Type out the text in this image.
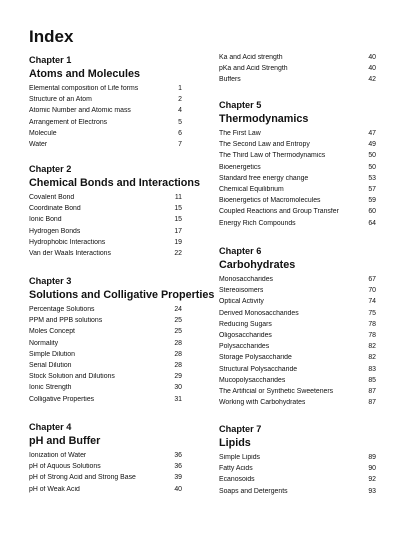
Index
Chapter 1
Atoms and Molecules
Elemental composition of Life forms	1
Structure of an Atom	2
Atomic Number and Atomic mass	4
Arrangement of Electrons	5
Molecule	6
Water	7
Chapter 2
Chemical Bonds and Interactions
Covalent Bond	11
Coordinate Bond	15
Ionic Bond	15
Hydrogen Bonds	17
Hydrophobic Interactions	19
Van der Waals Interactions	22
Chapter 3
Solutions and Colligative Properties
Percentage Solutions	24
PPM and PPB solutions	25
Moles Concept	25
Normality	28
Simple Dilution	28
Serial Dilution	28
Stock Solution and Dilutions	29
Ionic Strength	30
Colligative Properties	31
Chapter 4
pH and Buffer
Ionization of Water	36
pH of Aquous Solutions	36
pH of Strong Acid and Strong Base	39
pH of Weak Acid	40
Ka and Acid strength	40
pKa and Acid Strength	40
Buffers	42
Chapter 5
Thermodynamics
The First Law	47
The Second Law and Entropy	49
The Third Law of Thermodynamics	50
Bioenergetics	50
Standard free energy change	53
Chemical Equilibrium	57
Bioenergetics of Macromolecules	59
Coupled Reactions and Group Transfer	60
Energy Rich Compounds	64
Chapter 6
Carbohydrates
Monosaccharides	67
Stereoisomers	70
Optical Activity	74
Derived Monosaccharides	75
Reducing Sugars	78
Oligosaccharides	78
Polysaccharides	82
Storage Polysaccharide	82
Structural Polysaccharide	83
Mucopolysaccharides	85
The Artificial or Synthetic Sweeteners	87
Working with Carbohydrates	87
Chapter 7
Lipids
Simple Lipids	89
Fatty Acids	90
Ecanosoids	92
Soaps and Detergents	93
